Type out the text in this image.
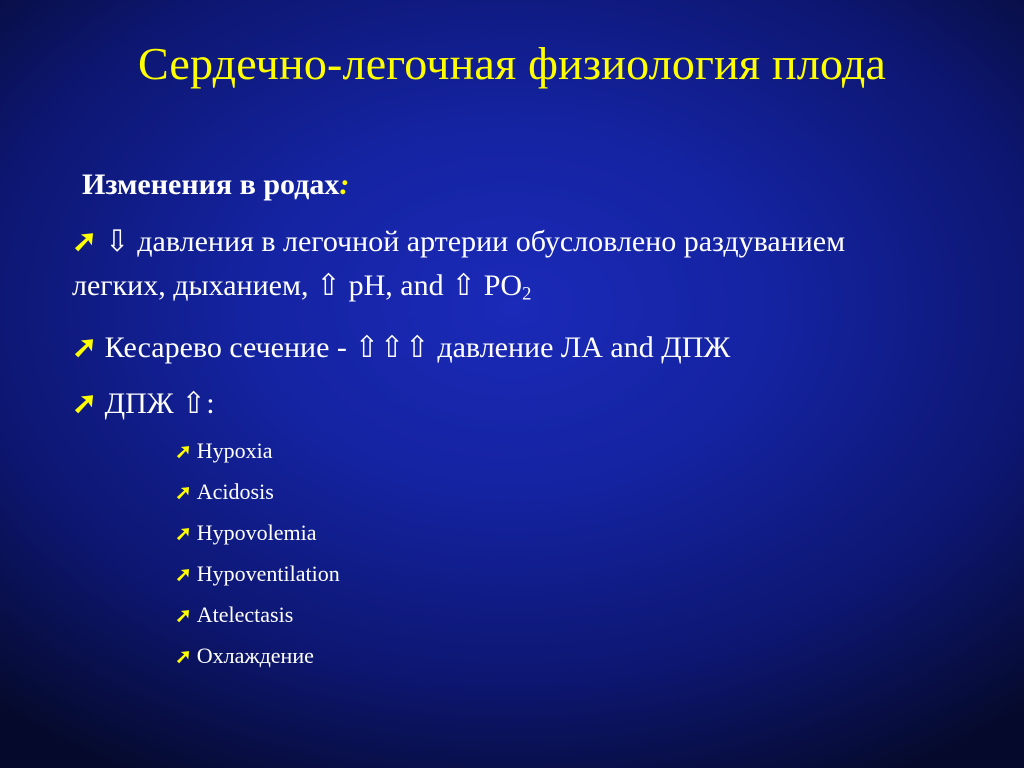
Сердечно-легочная физиология плода
Изменения в родах:
➚ ⇩ давления в легочной артерии обусловлено раздуванием легких, дыханием, ⇧ pH, and ⇧ $PO_2$
➚ Кесарево сечение - ⇧⇧⇧ давление ЛА and ДПЖ
➚ ДПЖ ⇧:
➚ Hypoxia
➚ Acidosis
➚ Hypovolemia
➚ Hypoventilation
➚ Atelectasis
➚ Охлаждение
